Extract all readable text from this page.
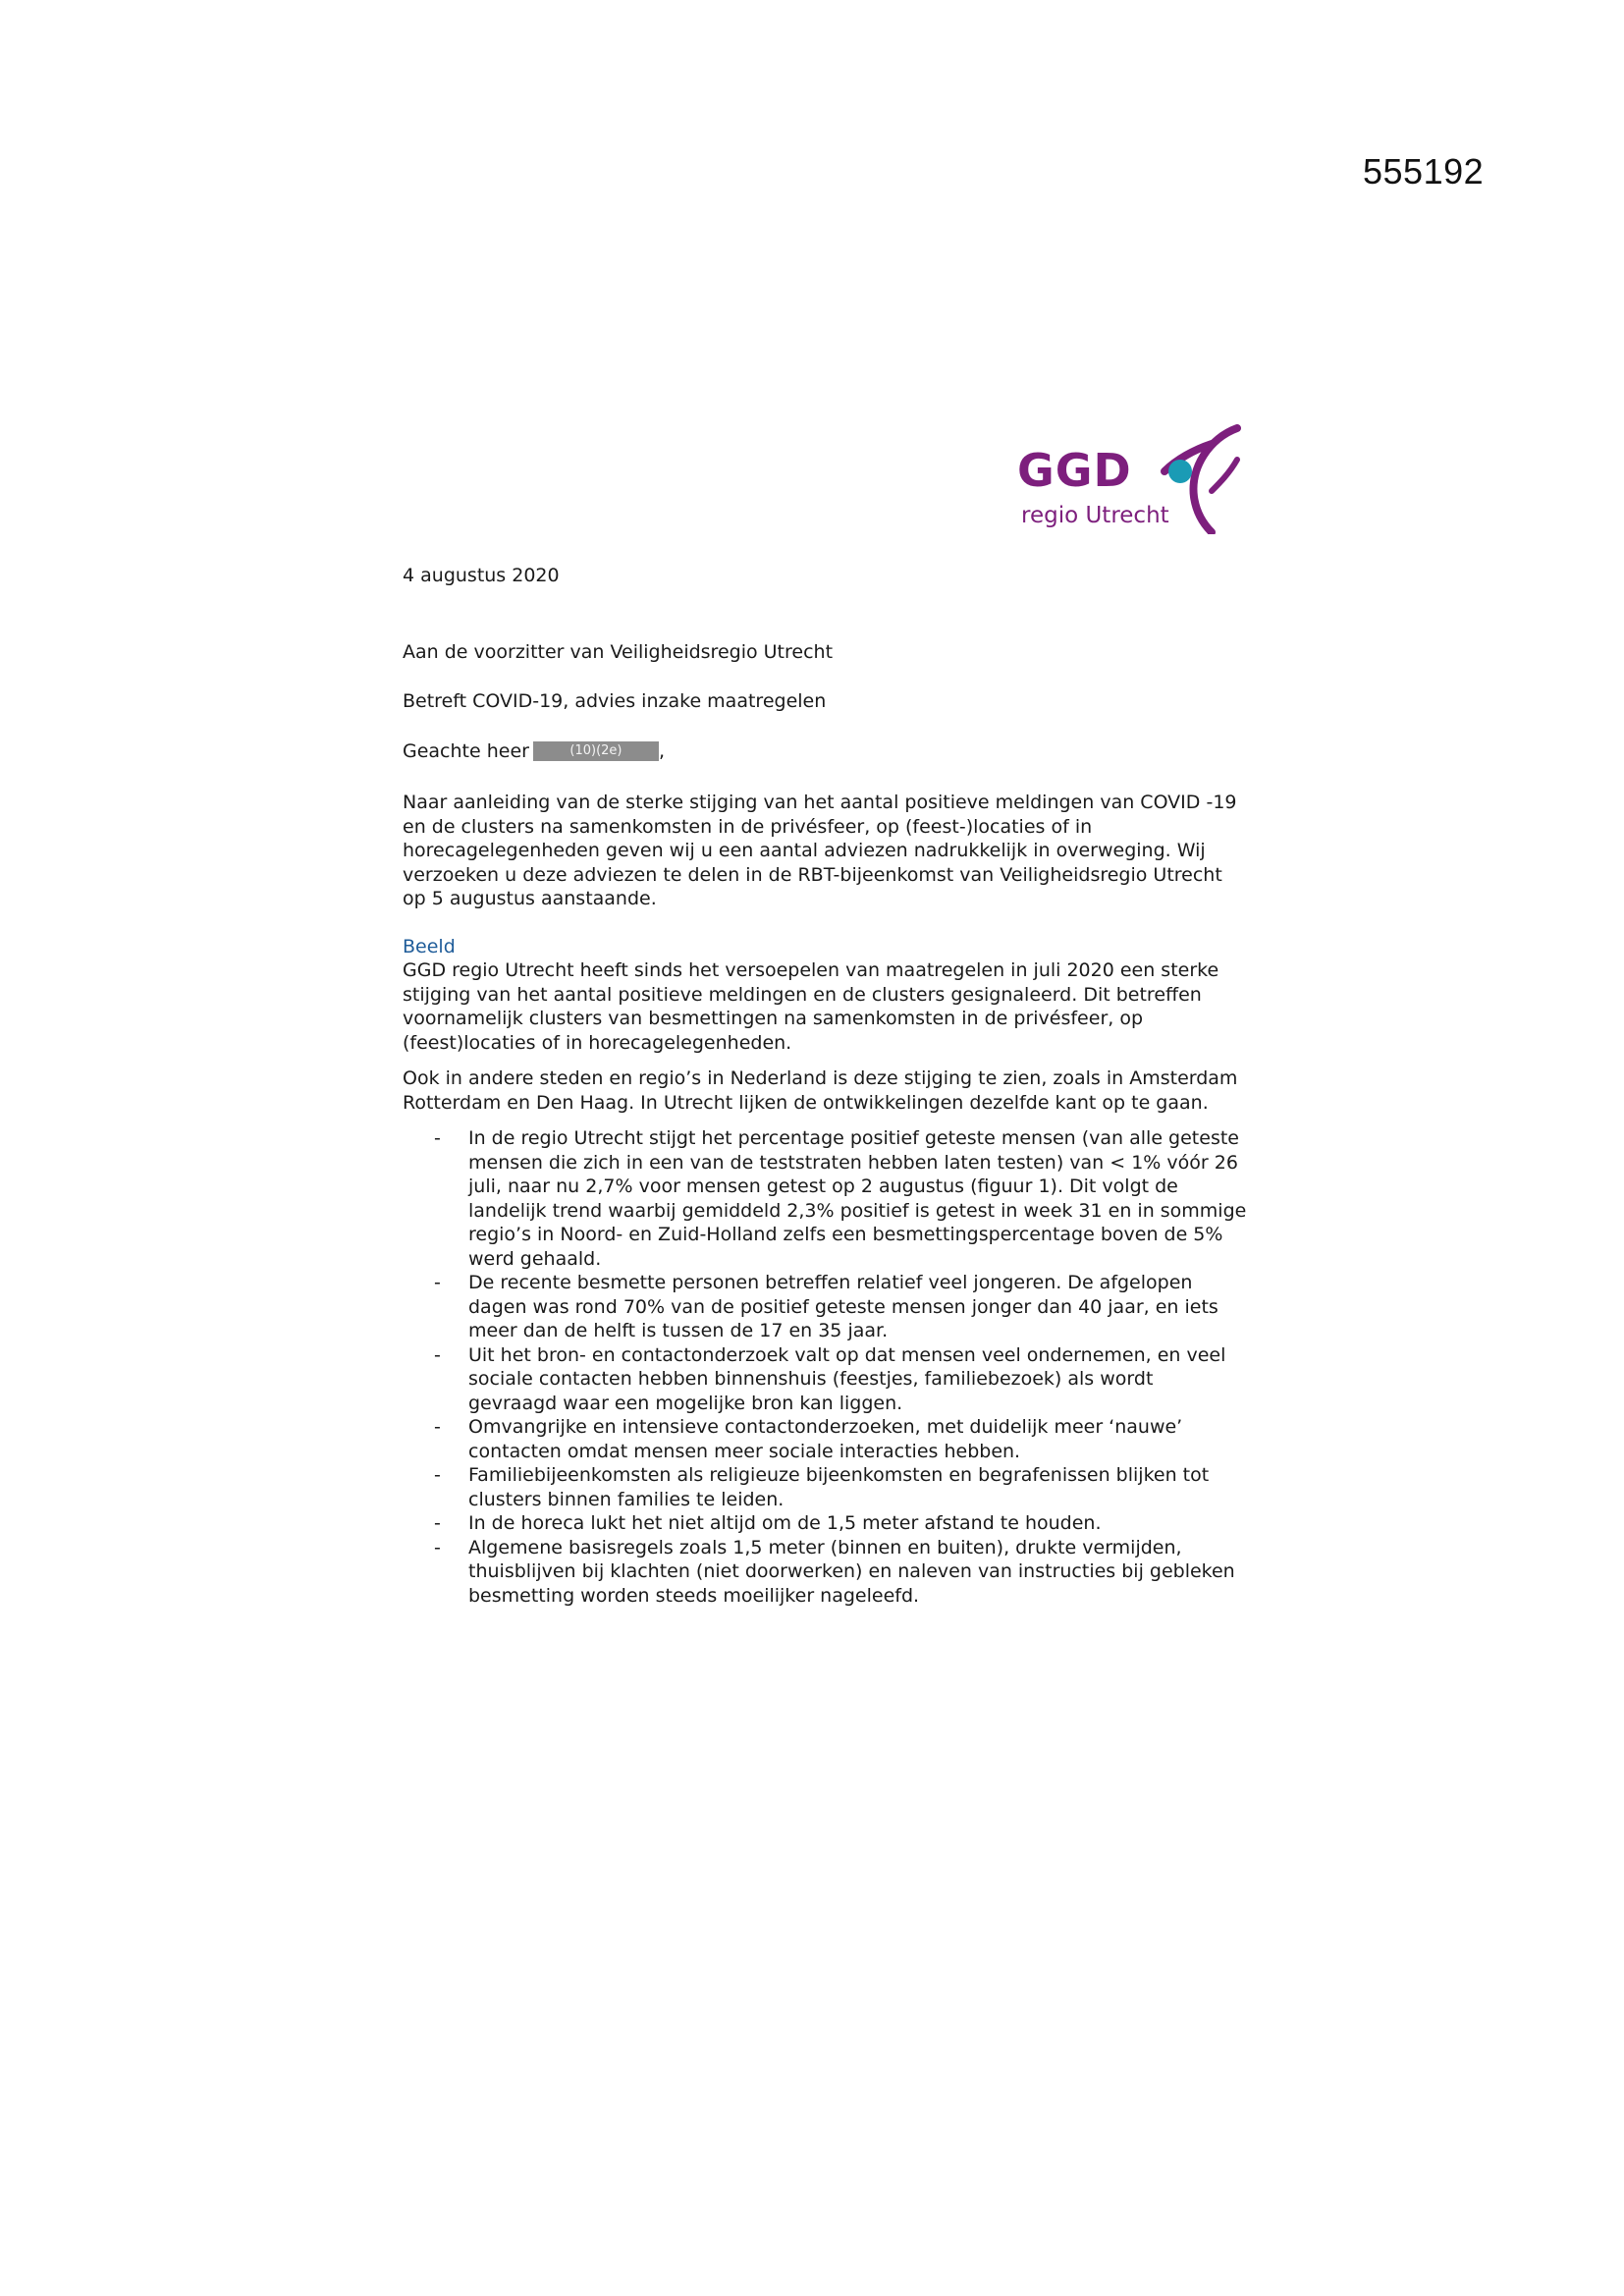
555192
GGD
regio Utrecht

4 augustus 2020

Aan de voorzitter van Veiligheidsregio Utrecht

Betreft COVID-19, advies inzake maatregelen

Geachte heer	(10)(2e)	,

Naar aanleiding van de sterke stijging van het aantal positieve meldingen van COVID -19 en de clusters na samenkomsten in de privésfeer, op (feest-)locaties of in horecagelegenheden geven wij u een aantal adviezen nadrukkelijk in overweging. Wij verzoeken u deze adviezen te delen in de RBT-bijeenkomst van Veiligheidsregio Utrecht op 5 augustus aanstaande.

Beeld

GGD regio Utrecht heeft sinds het versoepelen van maatregelen in juli 2020 een sterke stijging van het aantal positieve meldingen en de clusters gesignaleerd. Dit betreffen voornamelijk clusters van besmettingen na samenkomsten in de privésfeer, op (feest)locaties of in horecagelegenheden.

Ook in andere steden en regio’s in Nederland is deze stijging te zien, zoals in Amsterdam Rotterdam en Den Haag. In Utrecht lijken de ontwikkelingen dezelfde kant op te gaan.

- In de regio Utrecht stijgt het percentage positief geteste mensen (van alle geteste mensen die zich in een van de teststraten hebben laten testen) van < 1% vóór 26 juli, naar nu 2,7% voor mensen getest op 2 augustus (figuur 1). Dit volgt de landelijk trend waarbij gemiddeld 2,3% positief is getest in week 31 en in sommige regio’s in Noord- en Zuid-Holland zelfs een besmettingspercentage boven de 5% werd gehaald.
- De recente besmette personen betreffen relatief veel jongeren. De afgelopen dagen was rond 70% van de positief geteste mensen jonger dan 40 jaar, en iets meer dan de helft is tussen de 17 en 35 jaar.
- Uit het bron- en contactonderzoek valt op dat mensen veel ondernemen, en veel sociale contacten hebben binnenshuis (feestjes, familiebezoek) als wordt gevraagd waar een mogelijke bron kan liggen.
- Omvangrijke en intensieve contactonderzoeken, met duidelijk meer ‘nauwe’ contacten omdat mensen meer sociale interacties hebben.
- Familiebijeenkomsten als religieuze bijeenkomsten en begrafenissen blijken tot clusters binnen families te leiden.
- In de horeca lukt het niet altijd om de 1,5 meter afstand te houden.
- Algemene basisregels zoals 1,5 meter (binnen en buiten), drukte vermijden, thuisblijven bij klachten (niet doorwerken) en naleven van instructies bij gebleken besmetting worden steeds moeilijker nageleefd.
